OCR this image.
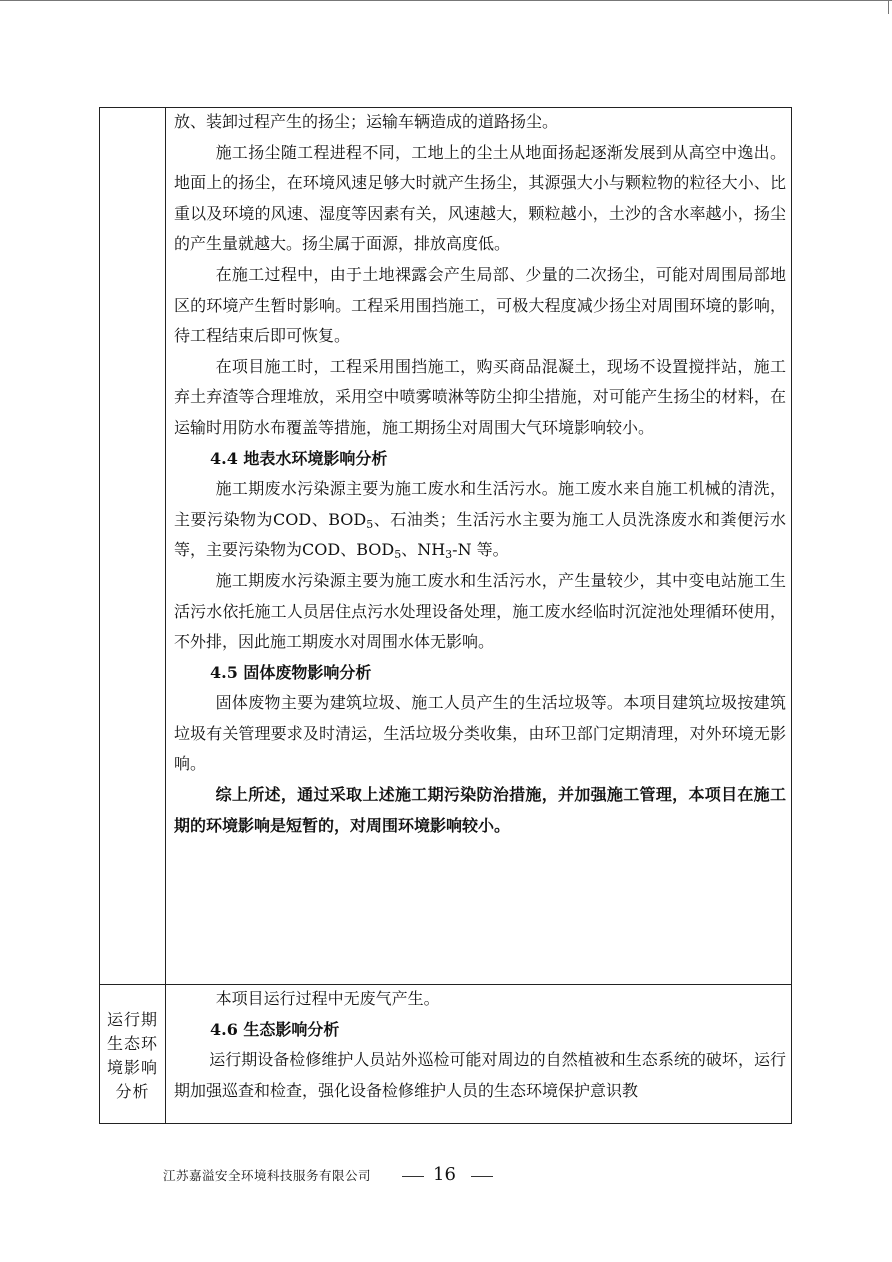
放、装卸过程产生的扬尘；运输车辆造成的道路扬尘。

施工扬尘随工程进程不同，工地上的尘土从地面扬起逐渐发展到从高空中逸出。地面上的扬尘，在环境风速足够大时就产生扬尘，其源强大小与颗粒物的粒径大小、比重以及环境的风速、湿度等因素有关，风速越大，颗粒越小，土沙的含水率越小，扬尘的产生量就越大。扬尘属于面源，排放高度低。

在施工过程中，由于土地裸露会产生局部、少量的二次扬尘，可能对周围局部地区的环境产生暂时影响。工程采用围挡施工，可极大程度减少扬尘对周围环境的影响，待工程结束后即可恢复。

在项目施工时，工程采用围挡施工，购买商品混凝土，现场不设置搅拌站，施工弃土弃渣等合理堆放，采用空中喷雾喷淋等防尘抑尘措施，对可能产生扬尘的材料，在运输时用防水布覆盖等措施，施工期扬尘对周围大气环境影响较小。

4.4 地表水环境影响分析

施工期废水污染源主要为施工废水和生活污水。施工废水来自施工机械的清洗，主要污染物为COD、$BOD_5$、石油类；生活污水主要为施工人员洗涤废水和粪便污水等，主要污染物为COD、$BOD_5$、$NH_3-N$ 等。

施工期废水污染源主要为施工废水和生活污水，产生量较少，其中变电站施工生活污水依托施工人员居住点污水处理设备处理，施工废水经临时沉淀池处理循环使用，不外排，因此施工期废水对周围水体无影响。

4.5 固体废物影响分析

固体废物主要为建筑垃圾、施工人员产生的生活垃圾等。本项目建筑垃圾按建筑垃圾有关管理要求及时清运，生活垃圾分类收集，由环卫部门定期清理，对外环境无影响。

综上所述，通过采取上述施工期污染防治措施，并加强施工管理，本项目在施工期的环境影响是短暂的，对周围环境影响较小。

运行期生态环境影响分析

本项目运行过程中无废气产生。

4.6 生态影响分析

运行期设备检修维护人员站外巡检可能对周边的自然植被和生态系统的破坏，运行期加强巡查和检查，强化设备检修维护人员的生态环境保护意识教

江苏嘉溢安全环境科技服务有限公司	16
